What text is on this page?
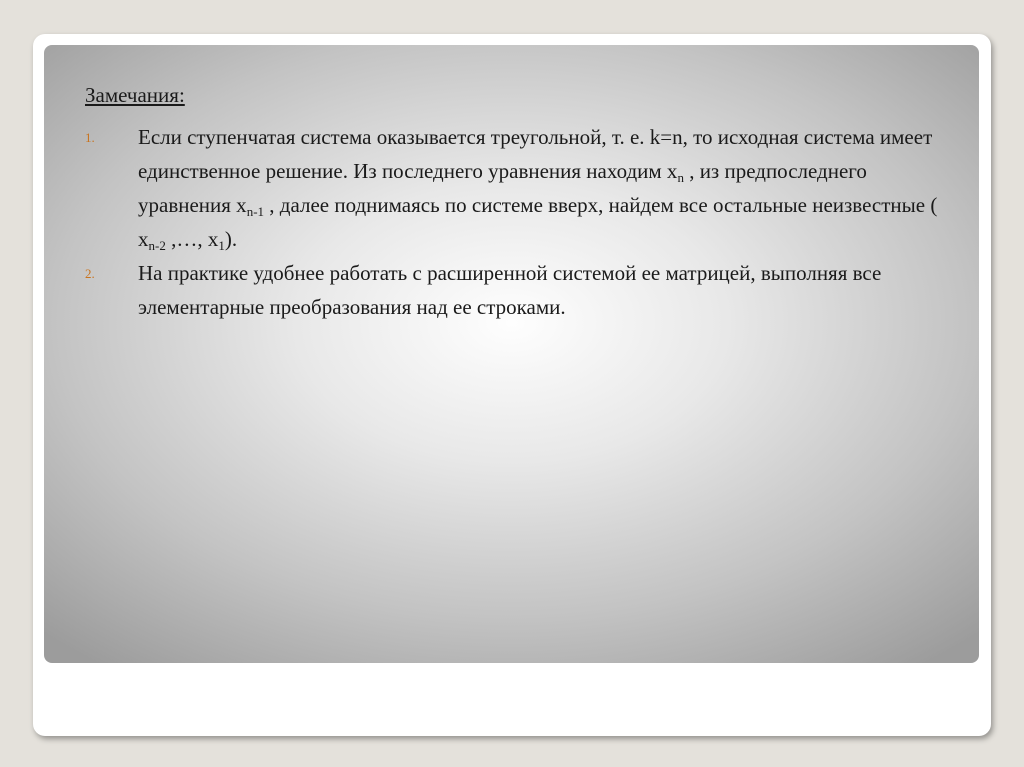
Замечания:
1. Если ступенчатая система оказывается треугольной, т. е. k=n, то исходная система имеет единственное решение. Из последнего уравнения находим $x_n$ , из предпоследнего уравнения $x_{n-1}$ , далее поднимаясь по системе вверх, найдем все остальные неизвестные ( $x_{n-2}$ ,…, $x_1$).
2. На практике удобнее работать с расширенной системой ее матрицей, выполняя все элементарные преобразования над ее строками.
